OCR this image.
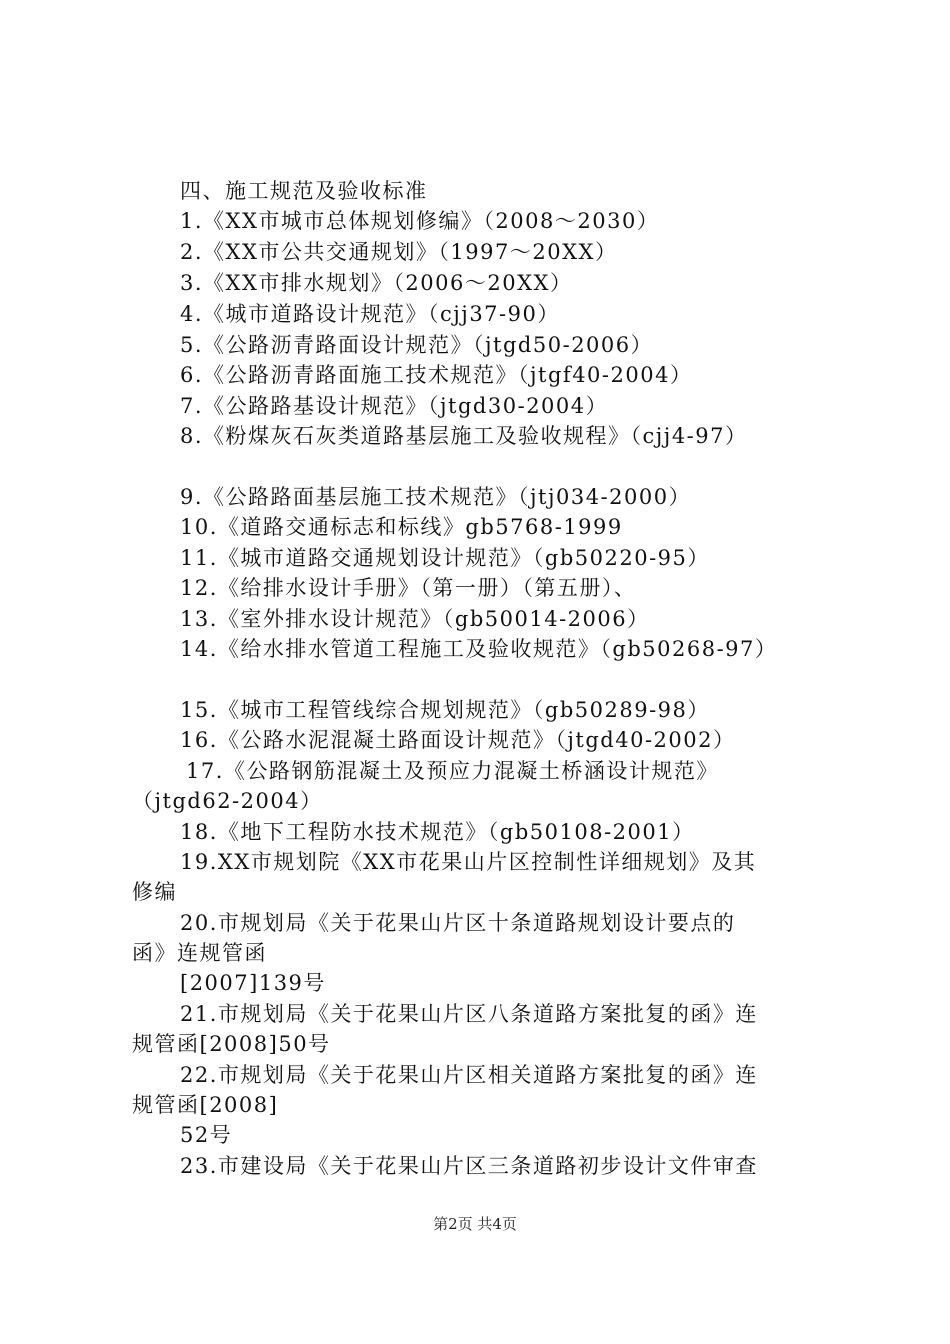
四、施工规范及验收标准
1.《XX市城市总体规划修编》（2008～2030）
2.《XX市公共交通规划》（1997～20XX）
3.《XX市排水规划》（2006～20XX）
4.《城市道路设计规范》（cjj37-90）
5.《公路沥青路面设计规范》（jtgd50-2006）
6.《公路沥青路面施工技术规范》（jtgf40-2004）
7.《公路路基设计规范》（jtgd30-2004）
8.《粉煤灰石灰类道路基层施工及验收规程》（cjj4-97）
9.《公路路面基层施工技术规范》（jtj034-2000）
10.《道路交通标志和标线》gb5768-1999
11.《城市道路交通规划设计规范》（gb50220-95）
12.《给排水设计手册》（第一册）（第五册）、
13.《室外排水设计规范》（gb50014-2006）
14.《给水排水管道工程施工及验收规范》（gb50268-97）
15.《城市工程管线综合规划规范》（gb50289-98）
16.《公路水泥混凝土路面设计规范》（jtgd40-2002）
17.《公路钢筋混凝土及预应力混凝土桥涵设计规范》
（jtgd62-2004）
18.《地下工程防水技术规范》（gb50108-2001）
19.XX市规划院《XX市花果山片区控制性详细规划》及其
修编
20.市规划局《关于花果山片区十条道路规划设计要点的
函》连规管函
[2007]139号
21.市规划局《关于花果山片区八条道路方案批复的函》连
规管函[2008]50号
22.市规划局《关于花果山片区相关道路方案批复的函》连
规管函[2008]
52号
23.市建设局《关于花果山片区三条道路初步设计文件审查
第2页 共4页
